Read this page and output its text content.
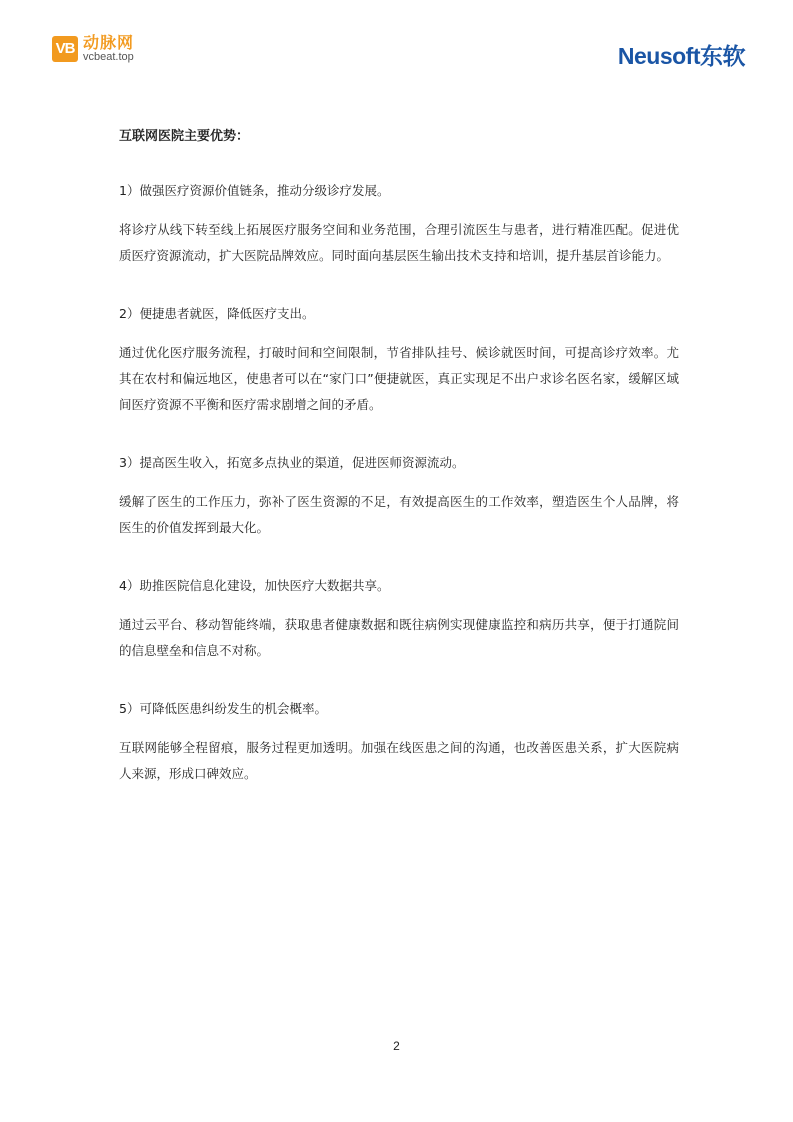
VB 动脉网
vcbeat.top	Neusoft东软

互联网医院主要优势：

1）做强医疗资源价值链条，推动分级诊疗发展。

将诊疗从线下转至线上拓展医疗服务空间和业务范围，合理引流医生与患者，进行精准匹配。促进优质医疗资源流动，扩大医院品牌效应。同时面向基层医生输出技术支持和培训，提升基层首诊能力。

2）便捷患者就医，降低医疗支出。

通过优化医疗服务流程，打破时间和空间限制，节省排队挂号、候诊就医时间，可提高诊疗效率。尤其在农村和偏远地区，使患者可以在“家门口”便捷就医，真正实现足不出户求诊名医名家，缓解区域间医疗资源不平衡和医疗需求剧增之间的矛盾。

3）提高医生收入，拓宽多点执业的渠道，促进医师资源流动。

缓解了医生的工作压力，弥补了医生资源的不足，有效提高医生的工作效率，塑造医生个人品牌，将医生的价值发挥到最大化。

4）助推医院信息化建设，加快医疗大数据共享。

通过云平台、移动智能终端，获取患者健康数据和既往病例实现健康监控和病历共享，便于打通院间的信息壁垒和信息不对称。

5）可降低医患纠纷发生的机会概率。

互联网能够全程留痕，服务过程更加透明。加强在线医患之间的沟通，也改善医患关系，扩大医院病人来源，形成口碑效应。

2
